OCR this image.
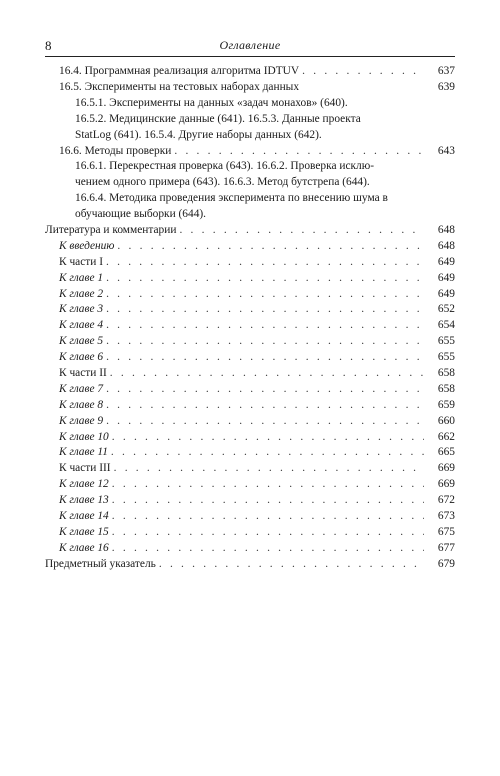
8	Оглавление
16.4. Программная реализация алгоритма IDTUV . . .	637
16.5. Эксперименты на тестовых наборах данных	639
16.5.1. Эксперименты на данных «задач монахов» (640).
16.5.2. Медицинские данные (641). 16.5.3. Данные проекта
StatLog (641). 16.5.4. Другие наборы данных (642).
16.6. Методы проверки . . .	643
16.6.1. Перекрестная проверка (643). 16.6.2. Проверка исклю-
чением одного примера (643). 16.6.3. Метод бутстрепа (644).
16.6.4. Методика проведения эксперимента по внесению шума в
обучающие выборки (644).
Литература и комментарии . . .	648
К введению . . .	648
К части I . . .	649
К главе 1 . . .	649
К главе 2 . . .	649
К главе 3 . . .	652
К главе 4 . . .	654
К главе 5 . . .	655
К главе 6 . . .	655
К части II . . .	658
К главе 7 . . .	658
К главе 8 . . .	659
К главе 9 . . .	660
К главе 10 . . .	662
К главе 11 . . .	665
К части III . . .	669
К главе 12 . . .	669
К главе 13 . . .	672
К главе 14 . . .	673
К главе 15 . . .	675
К главе 16 . . .	677
Предметный указатель . . .	679
